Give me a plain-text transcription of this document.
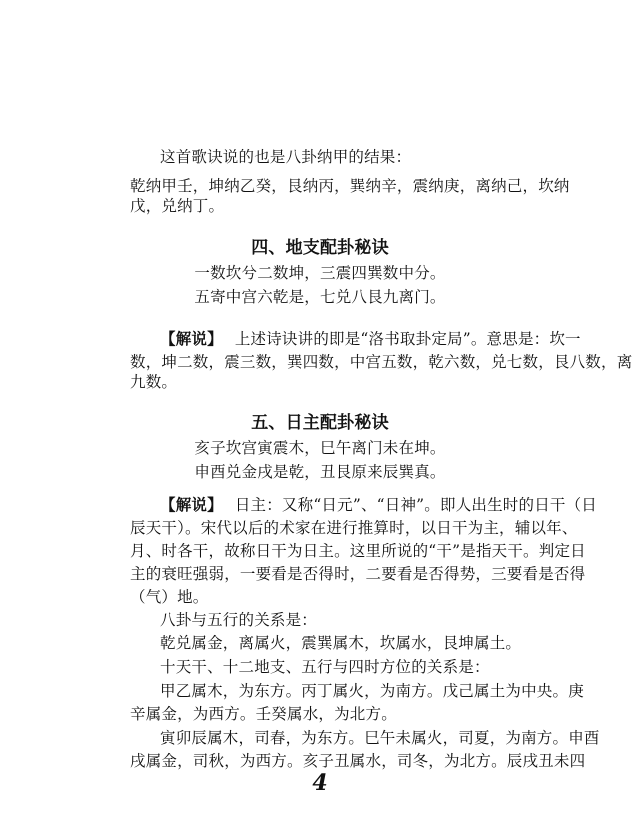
这首歌诀说的也是八卦纳甲的结果：
乾纳甲壬，坤纳乙癸，艮纳丙，巽纳辛，震纳庚，离纳己，坎纳
戊，兑纳丁。
四、地支配卦秘诀
一数坎兮二数坤，三震四巽数中分。
五寄中宫六乾是，七兑八艮九离门。
【解说】 上述诗诀讲的即是“洛书取卦定局”。意思是：坎一
数，坤二数，震三数，巽四数，中宫五数，乾六数，兑七数，艮八数，离
九数。
五、日主配卦秘诀
亥子坎宫寅震木，巳午离门未在坤。
申酉兑金戌是乾，丑艮原来辰巽真。
【解说】 日主：又称“日元”、“日神”。即人出生时的日干（日
辰天干）。宋代以后的术家在进行推算时，以日干为主，辅以年、
月、时各干，故称日干为日主。这里所说的“干”是指天干。判定日
主的衰旺强弱，一要看是否得时，二要看是否得势，三要看是否得
（气）地。
八卦与五行的关系是：
乾兑属金，离属火，震巽属木，坎属水，艮坤属土。
十天干、十二地支、五行与四时方位的关系是：
甲乙属木，为东方。丙丁属火，为南方。戊己属土为中央。庚
辛属金，为西方。壬癸属水，为北方。
寅卯辰属木，司春，为东方。巳午未属火，司夏，为南方。申酉
戌属金，司秋，为西方。亥子丑属水，司冬，为北方。辰戌丑未四
4
